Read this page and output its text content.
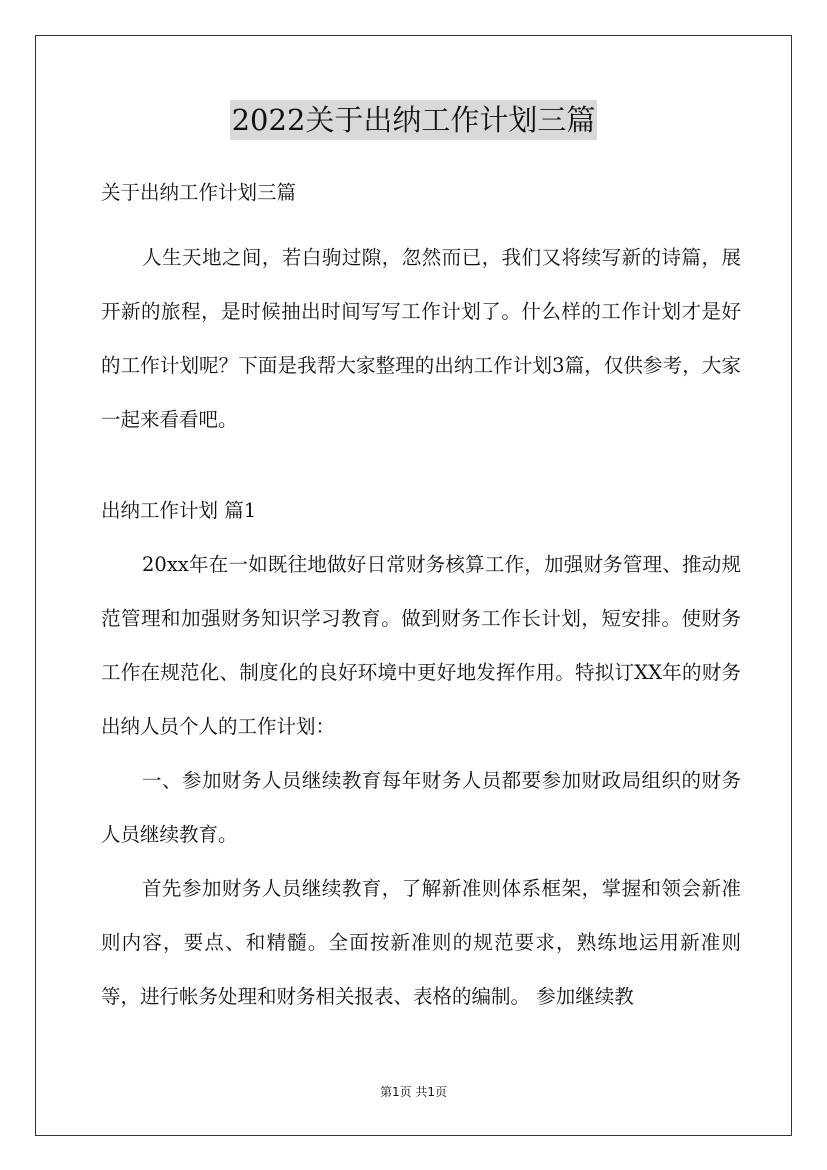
2022关于出纳工作计划三篇

关于出纳工作计划三篇

人生天地之间，若白驹过隙，忽然而已，我们又将续写新的诗篇，展开新的旅程，是时候抽出时间写写工作计划了。什么样的工作计划才是好的工作计划呢？下面是我帮大家整理的出纳工作计划3篇，仅供参考，大家一起来看看吧。

出纳工作计划 篇1

20xx年在一如既往地做好日常财务核算工作，加强财务管理、推动规范管理和加强财务知识学习教育。做到财务工作长计划，短安排。使财务工作在规范化、制度化的良好环境中更好地发挥作用。特拟订XX年的财务出纳人员个人的工作计划：

一、参加财务人员继续教育每年财务人员都要参加财政局组织的财务人员继续教育。

首先参加财务人员继续教育，了解新准则体系框架，掌握和领会新准则内容，要点、和精髓。全面按新准则的规范要求，熟练地运用新准则等，进行帐务处理和财务相关报表、表格的编制。 参加继续教

第1页 共1页
